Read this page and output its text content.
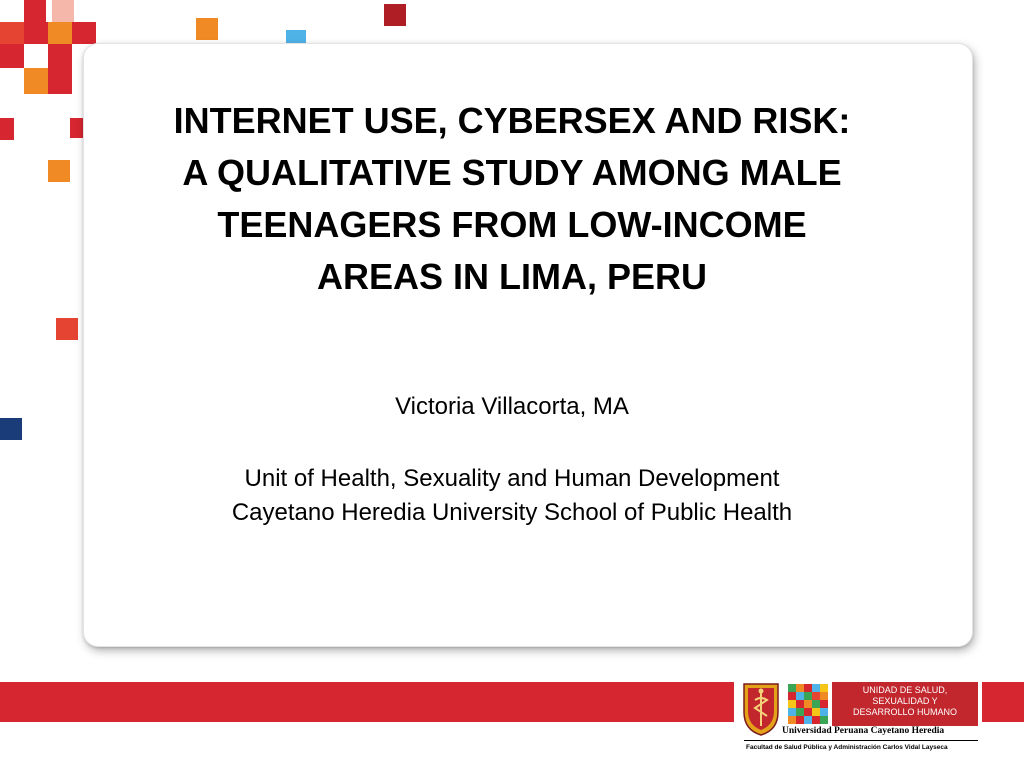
INTERNET USE, CYBERSEX AND RISK:
A QUALITATIVE STUDY AMONG MALE
TEENAGERS FROM LOW-INCOME
AREAS IN LIMA, PERU
Victoria Villacorta, MA
Unit of Health, Sexuality and Human Development
Cayetano Heredia University School of Public Health
UNIDAD DE SALUD,
SEXUALIDAD Y
DESARROLLO HUMANO
Universidad Peruana Cayetano Heredia
Facultad de Salud Pública y Administración Carlos Vidal Layseca
